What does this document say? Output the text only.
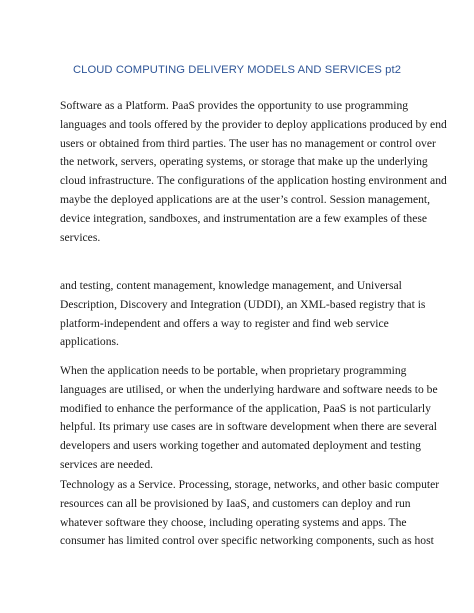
CLOUD COMPUTING DELIVERY MODELS AND SERVICES pt2

Software as a Platform. PaaS provides the opportunity to use programming
languages and tools offered by the provider to deploy applications produced by end
users or obtained from third parties. The user has no management or control over
the network, servers, operating systems, or storage that make up the underlying
cloud infrastructure. The configurations of the application hosting environment and
maybe the deployed applications are at the user’s control. Session management,
device integration, sandboxes, and instrumentation are a few examples of these
services.

and testing, content management, knowledge management, and Universal
Description, Discovery and Integration (UDDI), an XML-based registry that is
platform-independent and offers a way to register and find web service
applications.

When the application needs to be portable, when proprietary programming
languages are utilised, or when the underlying hardware and software needs to be
modified to enhance the performance of the application, PaaS is not particularly
helpful. Its primary use cases are in software development when there are several
developers and users working together and automated deployment and testing
services are needed.

Technology as a Service. Processing, storage, networks, and other basic computer
resources can all be provisioned by IaaS, and customers can deploy and run
whatever software they choose, including operating systems and apps. The
consumer has limited control over specific networking components, such as host
